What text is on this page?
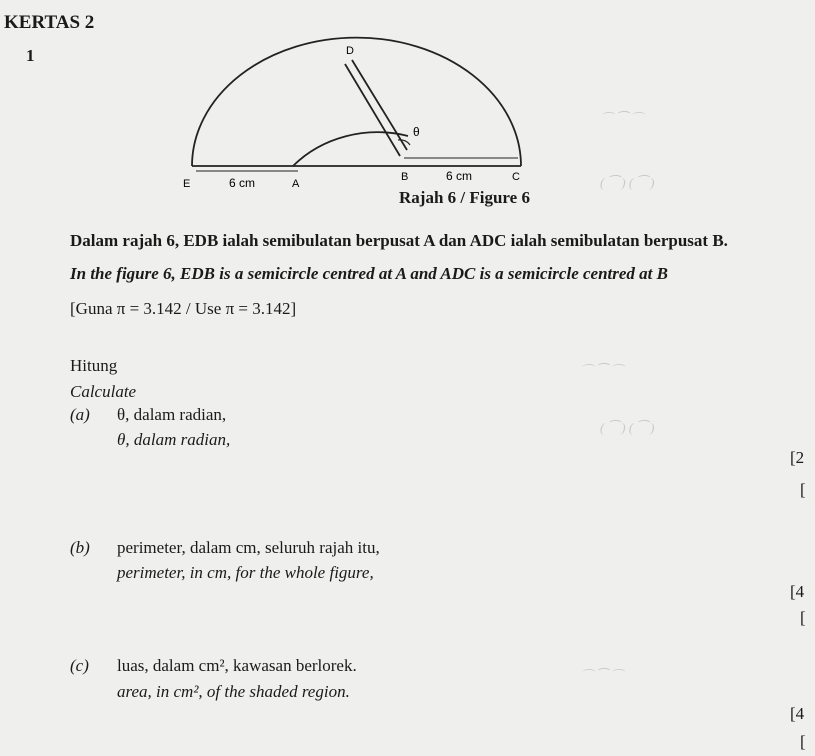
KERTAS 2
1
E	6 cm	A
D
θ
B	6 cm	C
Rajah 6 / Figure 6
⌒ ⁀ ⌒
( ⁀ ) ( ⁀ )
⌒ ⁀ ⌒
( ⁀ ) ( ⁀ )
⌒ ⁀ ⌒
Dalam rajah 6, EDB ialah semibulatan berpusat A dan ADC ialah semibulatan berpusat B.
In the figure 6, EDB is a semicircle centred at A and ADC is a semicircle centred at B
[Guna π = 3.142 / Use π = 3.142]
Hitung
Calculate
(a) θ, dalam radian,
θ, dalam radian,
[2
[
(b) perimeter, dalam cm, seluruh rajah itu,
perimeter, in cm, for the whole figure,
[4
[
(c) luas, dalam cm², kawasan berlorek.
area, in cm², of the shaded region.
[4
[
